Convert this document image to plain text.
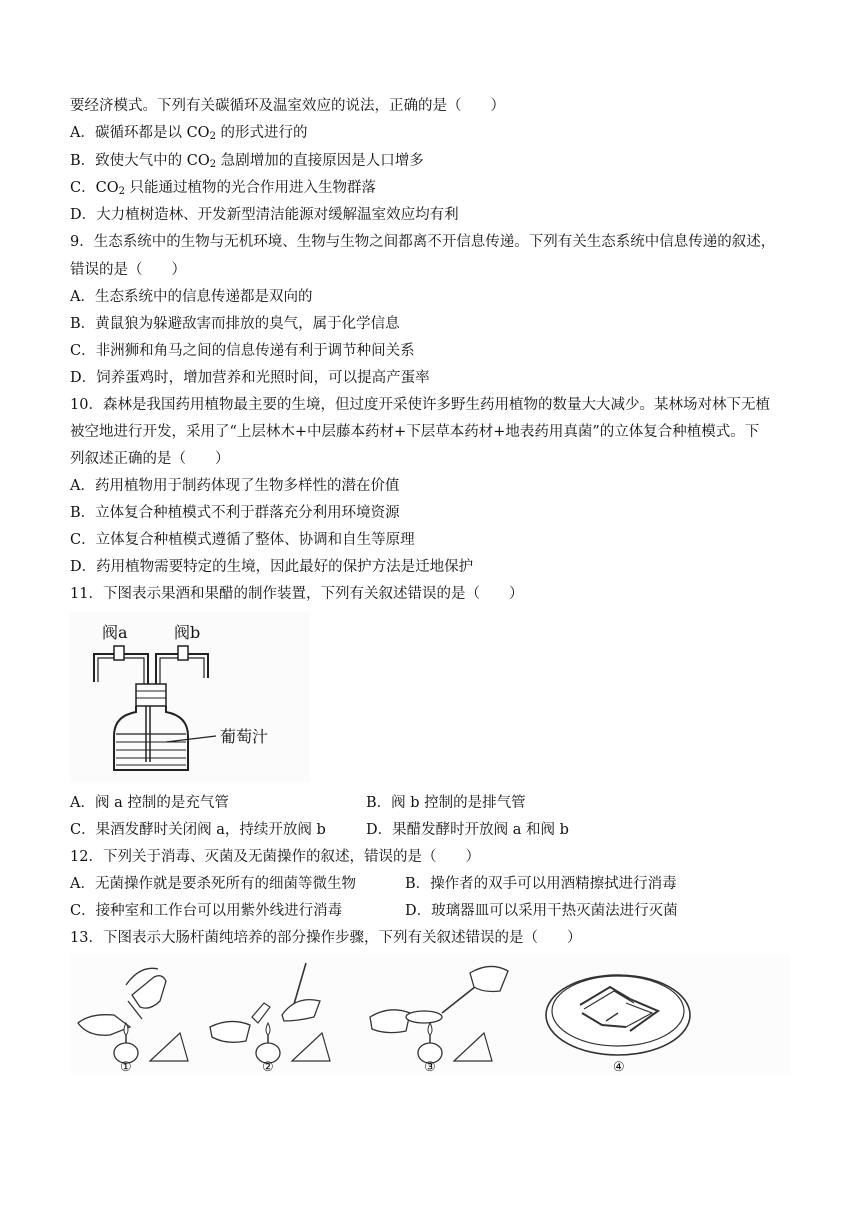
要经济模式。下列有关碳循环及温室效应的说法，正确的是（　　）
A．碳循环都是以 $CO_2$ 的形式进行的
B．致使大气中的 $CO_2$ 急剧增加的直接原因是人口增多
C．$CO_2$ 只能通过植物的光合作用进入生物群落
D．大力植树造林、开发新型清洁能源对缓解温室效应均有利
9．生态系统中的生物与无机环境、生物与生物之间都离不开信息传递。下列有关生态系统中信息传递的叙述，
错误的是（　　）
A．生态系统中的信息传递都是双向的
B．黄鼠狼为躲避敌害而排放的臭气，属于化学信息
C．非洲狮和角马之间的信息传递有利于调节种间关系
D．饲养蛋鸡时，增加营养和光照时间，可以提高产蛋率
10．森林是我国药用植物最主要的生境，但过度开采使许多野生药用植物的数量大大减少。某林场对林下无植
被空地进行开发，采用了“上层林木+中层藤本药材+下层草本药材+地表药用真菌”的立体复合种植模式。下
列叙述正确的是（　　）
A．药用植物用于制药体现了生物多样性的潜在价值
B．立体复合种植模式不利于群落充分利用环境资源
C．立体复合种植模式遵循了整体、协调和自生等原理
D．药用植物需要特定的生境，因此最好的保护方法是迁地保护
11．下图表示果酒和果醋的制作装置，下列有关叙述错误的是（　　）
阀a	阀b
葡萄汁
A．阀 a 控制的是充气管	B．阀 b 控制的是排气管
C．果酒发酵时关闭阀 a，持续开放阀 b	D．果醋发酵时开放阀 a 和阀 b
12．下列关于消毒、灭菌及无菌操作的叙述，错误的是（　　）
A．无菌操作就是要杀死所有的细菌等微生物	B．操作者的双手可以用酒精擦拭进行消毒
C．接种室和工作台可以用紫外线进行消毒	D．玻璃器皿可以采用干热灭菌法进行灭菌
13．下图表示大肠杆菌纯培养的部分操作步骤，下列有关叙述错误的是（　　）
①	②	③	④
